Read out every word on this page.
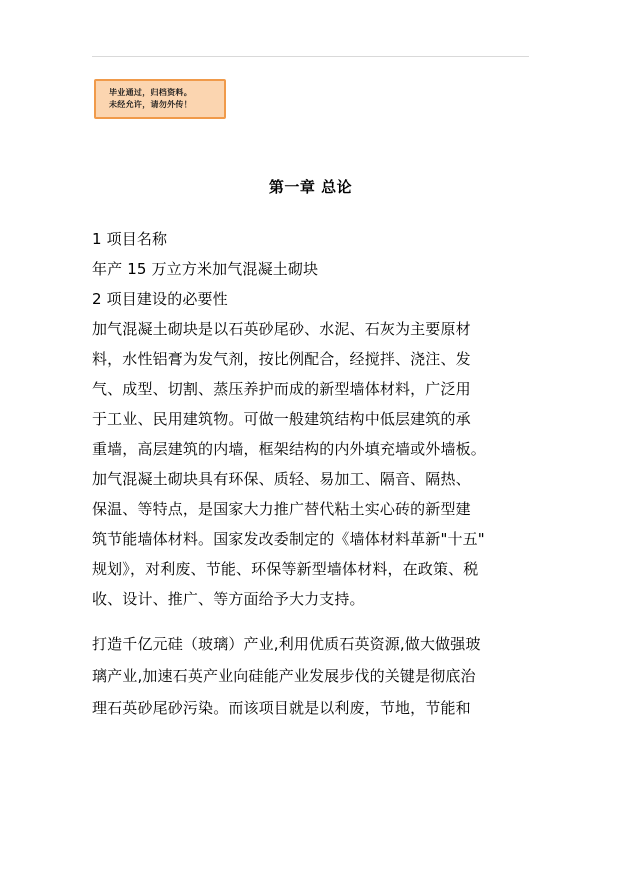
毕业通过，归档资料。
未经允许，请勿外传！
第一章 总论

1 项目名称

年产 15 万立方米加气混凝土砌块

2 项目建设的必要性

加气混凝土砌块是以石英砂尾砂、水泥、石灰为主要原材
料，水性铝膏为发气剂，按比例配合，经搅拌、浇注、发
气、成型、切割、蒸压养护而成的新型墙体材料，广泛用
于工业、民用建筑物。可做一般建筑结构中低层建筑的承
重墙，高层建筑的内墙，框架结构的内外填充墙或外墙板。
加气混凝土砌块具有环保、质轻、易加工、隔音、隔热、
保温、等特点，是国家大力推广替代粘土实心砖的新型建
筑节能墙体材料。国家发改委制定的《墙体材料革新"十五"
规划》，对利废、节能、环保等新型墙体材料，在政策、税
收、设计、推广、等方面给予大力支持。
打造千亿元硅（玻璃）产业,利用优质石英资源,做大做强玻
璃产业,加速石英产业向硅能产业发展步伐的关键是彻底治
理石英砂尾砂污染。而该项目就是以利废，节地，节能和
